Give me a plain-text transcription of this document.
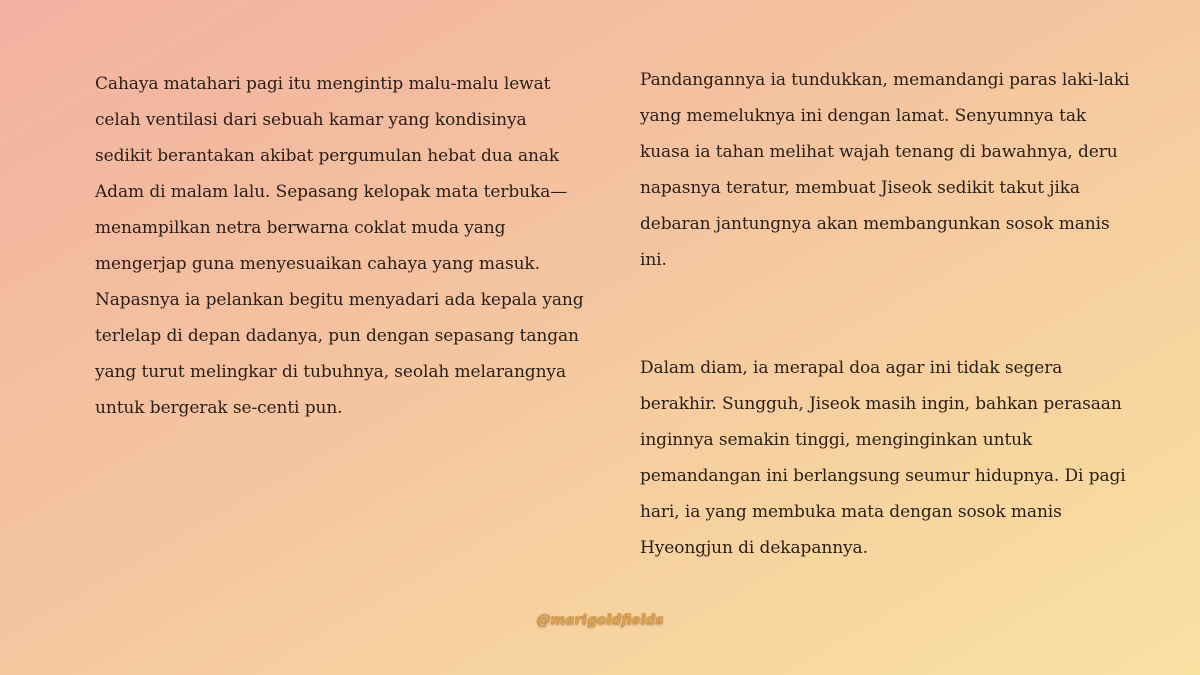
Cahaya matahari pagi itu mengintip malu-malu lewat celah ventilasi dari sebuah kamar yang kondisinya sedikit berantakan akibat pergumulan hebat dua anak Adam di malam lalu. Sepasang kelopak mata terbuka—menampilkan netra berwarna coklat muda yang mengerjap guna menyesuaikan cahaya yang masuk. Napasnya ia pelankan begitu menyadari ada kepala yang terlelap di depan dadanya, pun dengan sepasang tangan yang turut melingkar di tubuhnya, seolah melarangnya untuk bergerak se-centi pun.

Pandangannya ia tundukkan, memandangi paras laki-laki yang memeluknya ini dengan lamat. Senyumnya tak kuasa ia tahan melihat wajah tenang di bawahnya, deru napasnya teratur, membuat Jiseok sedikit takut jika debaran jantungnya akan membangunkan sosok manis ini.

Dalam diam, ia merapal doa agar ini tidak segera berakhir. Sungguh, Jiseok masih ingin, bahkan perasaan inginnya semakin tinggi, menginginkan untuk pemandangan ini berlangsung seumur hidupnya. Di pagi hari, ia yang membuka mata dengan sosok manis Hyeongjun di dekapannya.

@marigoldfields
